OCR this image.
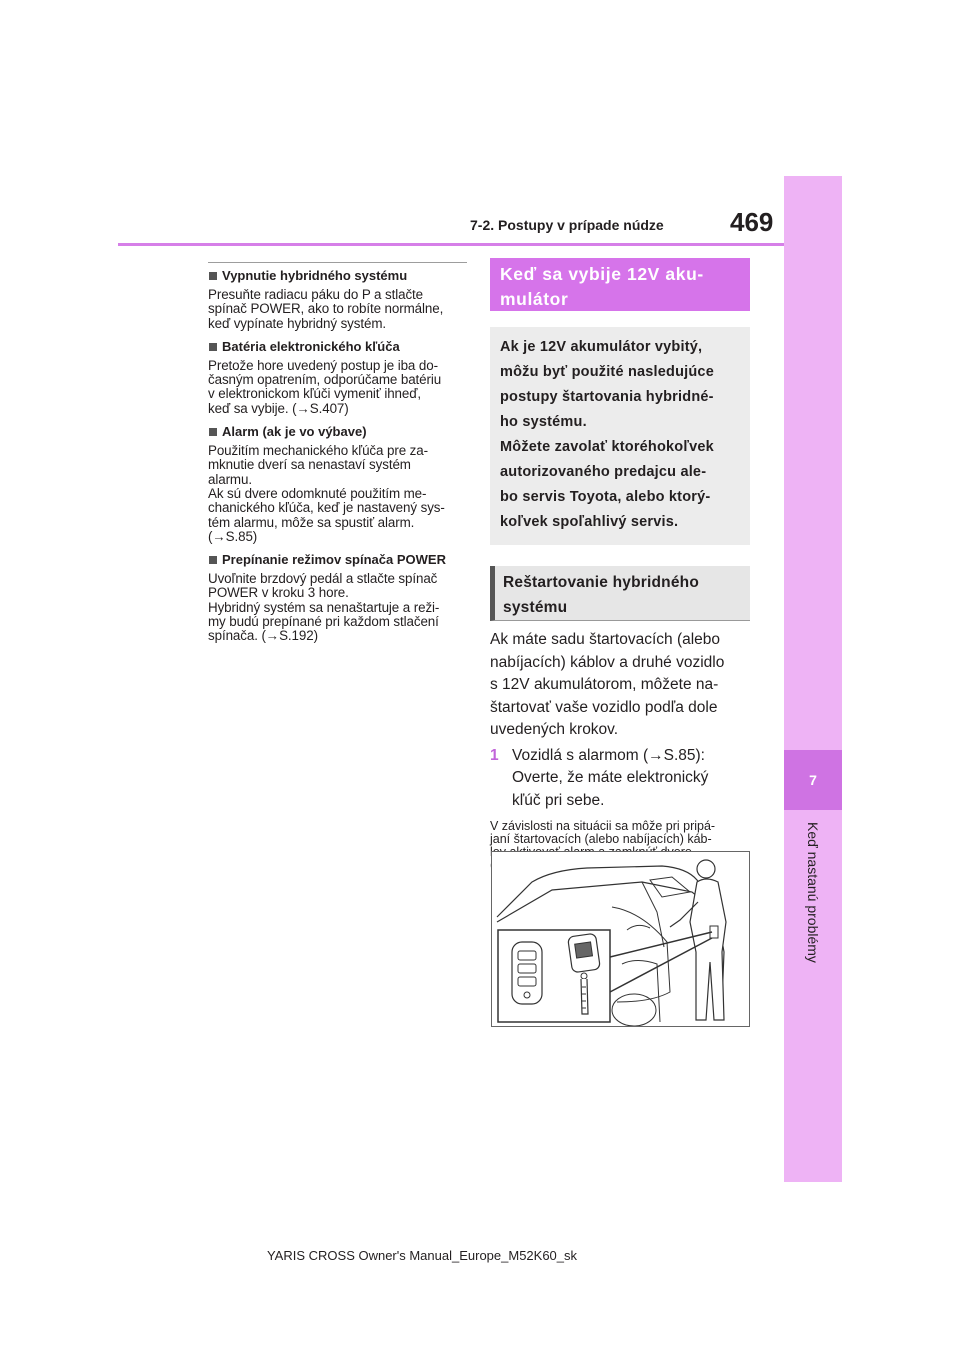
7
Keď nastanú problémy
7-2. Postupy v prípade núdze	469
Vypnutie hybridného systému
Presuňte radiacu páku do P a stlačte
spínač POWER, ako to robíte normálne,
keď vypínate hybridný systém.
Batéria elektronického kľúča
Pretože hore uvedený postup je iba do-
časným opatrením, odporúčame batériu
v elektronickom kľúči vymeniť ihneď,
keď sa vybije. (→S.407)
Alarm (ak je vo výbave)
Použitím mechanického kľúča pre za-
mknutie dverí sa nenastaví systém
alarmu.
Ak sú dvere odomknuté použitím me-
chanického kľúča, keď je nastavený sys-
tém alarmu, môže sa spustiť alarm.
(→S.85)
Prepínanie režimov spínača POWER
Uvoľnite brzdový pedál a stlačte spínač
POWER v kroku 3 hore.
Hybridný systém sa nenaštartuje a reži-
my budú prepínané pri každom stlačení
spínača. (→S.192)
Keď sa vybije 12V aku-
mulátor
Ak je 12V akumulátor vybitý,
môžu byť použité nasledujúce
postupy štartovania hybridné-
ho systému.
Môžete zavolať ktoréhokoľvek
autorizovaného predajcu ale-
bo servis Toyota, alebo ktorý-
koľvek spoľahlivý servis.
Reštartovanie hybridného
systému
Ak máte sadu štartovacích (alebo
nabíjacích) káblov a druhé vozidlo
s 12V akumulátorom, môžete na-
štartovať vaše vozidlo podľa dole
uvedených krokov.
1 Vozidlá s alarmom (→S.85):
Overte, že máte elektronický
kľúč pri sebe.
V závislosti na situácii sa môže pri pripá-
janí štartovacích (alebo nabíjacích) káb-
YARIS CROSS Owner's Manual_Europe_M52K60_sk
